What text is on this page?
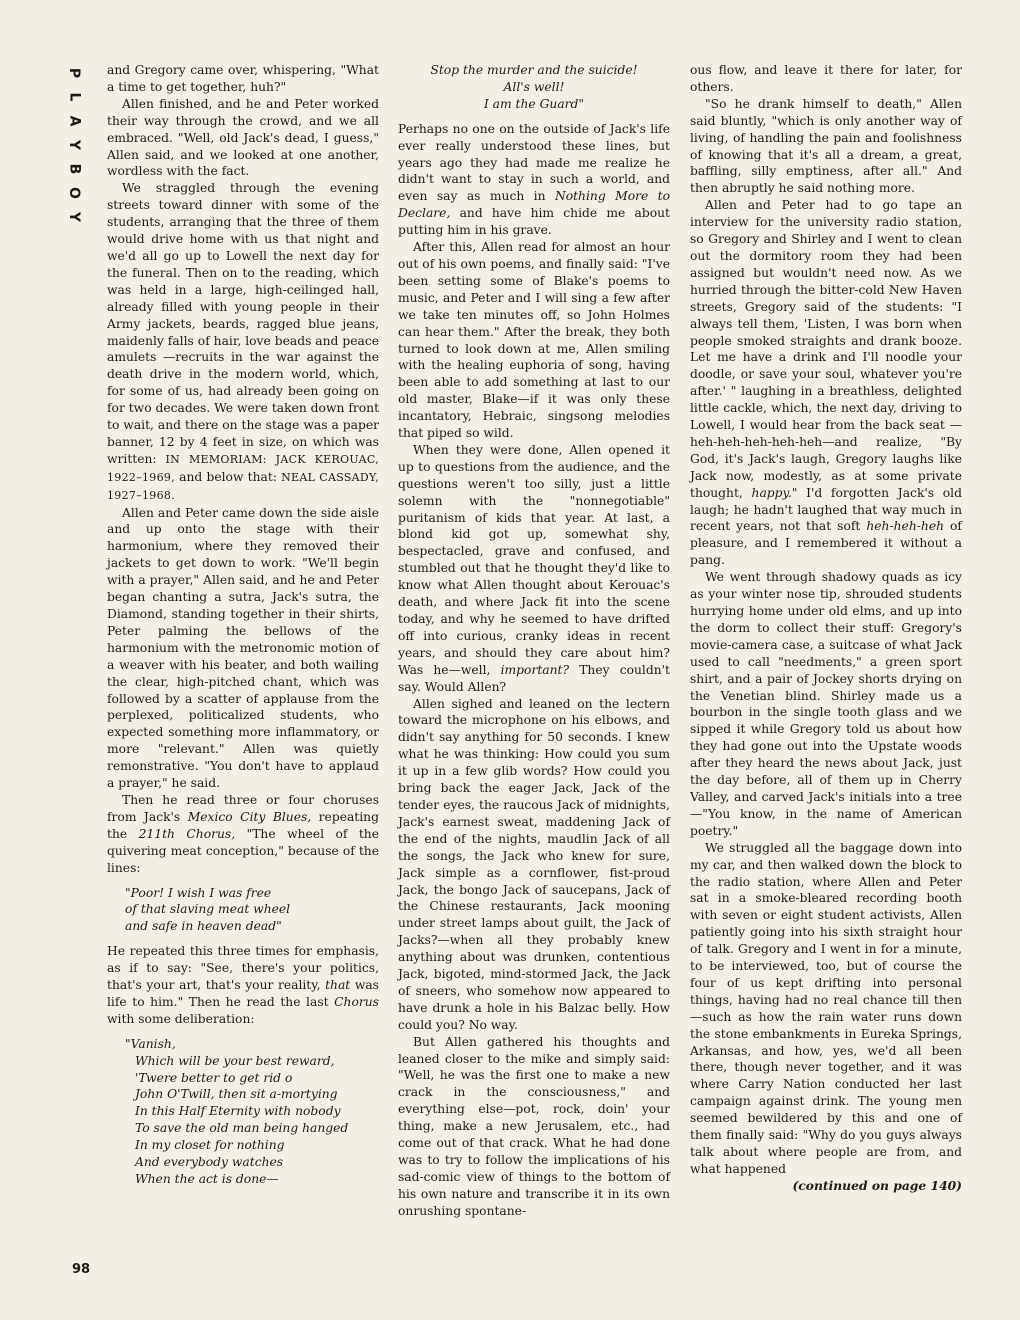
P
L
A
Y
B
O
Y
98

and Gregory came over, whispering, "What a time to get together, huh?"

Allen finished, and he and Peter worked their way through the crowd, and we all embraced. "Well, old Jack's dead, I guess," Allen said, and we looked at one another, wordless with the fact.

We straggled through the evening streets toward dinner with some of the students, arranging that the three of them would drive home with us that night and we'd all go up to Lowell the next day for the funeral. Then on to the reading, which was held in a large, high-ceilinged hall, already filled with young people in their Army jackets, beards, ragged blue jeans, maidenly falls of hair, love beads and peace amulets —recruits in the war against the death drive in the modern world, which, for some of us, had already been going on for two decades. We were taken down front to wait, and there on the stage was a paper banner, 12 by 4 feet in size, on which was written: IN MEMORIAM: JACK KEROUAC, 1922–1969, and below that: NEAL CASSADY, 1927–1968.

Allen and Peter came down the side aisle and up onto the stage with their harmonium, where they removed their jackets to get down to work. "We'll begin with a prayer," Allen said, and he and Peter began chanting a sutra, Jack's sutra, the Diamond, standing together in their shirts, Peter palming the bellows of the harmonium with the metronomic motion of a weaver with his beater, and both wailing the clear, high-pitched chant, which was followed by a scatter of applause from the perplexed, politicalized students, who expected something more inflammatory, or more "relevant." Allen was quietly remonstrative. "You don't have to applaud a prayer," he said.

Then he read three or four choruses from Jack's Mexico City Blues, repeating the 211th Chorus, "The wheel of the quivering meat conception," because of the lines:

"Poor! I wish I was free
of that slaving meat wheel
and safe in heaven dead"

He repeated this three times for emphasis, as if to say: "See, there's your politics, that's your art, that's your reality, that was life to him." Then he read the last Chorus with some deliberation:

"Vanish,
Which will be your best reward,
'Twere better to get rid o
John O'Twill, then sit a-mortying
In this Half Eternity with nobody
To save the old man being hanged
In my closet for nothing
And everybody watches
When the act is done—
Stop the murder and the suicide!
All's well!
I am the Guard"

Perhaps no one on the outside of Jack's life ever really understood these lines, but years ago they had made me realize he didn't want to stay in such a world, and even say as much in Nothing More to Declare, and have him chide me about putting him in his grave.

After this, Allen read for almost an hour out of his own poems, and finally said: "I've been setting some of Blake's poems to music, and Peter and I will sing a few after we take ten minutes off, so John Holmes can hear them." After the break, they both turned to look down at me, Allen smiling with the healing euphoria of song, having been able to add something at last to our old master, Blake—if it was only these incantatory, Hebraic, singsong melodies that piped so wild.

When they were done, Allen opened it up to questions from the audience, and the questions weren't too silly, just a little solemn with the "nonnegotiable" puritanism of kids that year. At last, a blond kid got up, somewhat shy, bespectacled, grave and confused, and stumbled out that he thought they'd like to know what Allen thought about Kerouac's death, and where Jack fit into the scene today, and why he seemed to have drifted off into curious, cranky ideas in recent years, and should they care about him? Was he—well, important? They couldn't say. Would Allen?

Allen sighed and leaned on the lectern toward the microphone on his elbows, and didn't say anything for 50 seconds. I knew what he was thinking: How could you sum it up in a few glib words? How could you bring back the eager Jack, Jack of the tender eyes, the raucous Jack of midnights, Jack's earnest sweat, maddening Jack of the end of the nights, maudlin Jack of all the songs, the Jack who knew for sure, Jack simple as a cornflower, fist-proud Jack, the bongo Jack of saucepans, Jack of the Chinese restaurants, Jack mooning under street lamps about guilt, the Jack of Jacks?—when all they probably knew anything about was drunken, contentious Jack, bigoted, mind-stormed Jack, the Jack of sneers, who somehow now appeared to have drunk a hole in his Balzac belly. How could you? No way.

But Allen gathered his thoughts and leaned closer to the mike and simply said: "Well, he was the first one to make a new crack in the consciousness," and everything else—pot, rock, doin' your thing, make a new Jerusalem, etc., had come out of that crack. What he had done was to try to follow the implications of his sad-comic view of things to the bottom of his own nature and transcribe it in its own onrushing spontane-

ous flow, and leave it there for later, for others.

"So he drank himself to death," Allen said bluntly, "which is only another way of living, of handling the pain and foolishness of knowing that it's all a dream, a great, baffling, silly emptiness, after all." And then abruptly he said nothing more.

Allen and Peter had to go tape an interview for the university radio station, so Gregory and Shirley and I went to clean out the dormitory room they had been assigned but wouldn't need now. As we hurried through the bitter-cold New Haven streets, Gregory said of the students: "I always tell them, 'Listen, I was born when people smoked straights and drank booze. Let me have a drink and I'll noodle your doodle, or save your soul, whatever you're after.' " laughing in a breathless, delighted little cackle, which, the next day, driving to Lowell, I would hear from the back seat —heh-heh-heh-heh-heh—and realize, "By God, it's Jack's laugh, Gregory laughs like Jack now, modestly, as at some private thought, happy." I'd forgotten Jack's old laugh; he hadn't laughed that way much in recent years, not that soft heh-heh-heh of pleasure, and I remembered it without a pang.

We went through shadowy quads as icy as your winter nose tip, shrouded students hurrying home under old elms, and up into the dorm to collect their stuff: Gregory's movie-camera case, a suitcase of what Jack used to call "needments," a green sport shirt, and a pair of Jockey shorts drying on the Venetian blind. Shirley made us a bourbon in the single tooth glass and we sipped it while Gregory told us about how they had gone out into the Upstate woods after they heard the news about Jack, just the day before, all of them up in Cherry Valley, and carved Jack's initials into a tree—"You know, in the name of American poetry."

We struggled all the baggage down into my car, and then walked down the block to the radio station, where Allen and Peter sat in a smoke-bleared recording booth with seven or eight student activists, Allen patiently going into his sixth straight hour of talk. Gregory and I went in for a minute, to be interviewed, too, but of course the four of us kept drifting into personal things, having had no real chance till then—such as how the rain water runs down the stone embankments in Eureka Springs, Arkansas, and how, yes, we'd all been there, though never together, and it was where Carry Nation conducted her last campaign against drink. The young men seemed bewildered by this and one of them finally said: "Why do you guys always talk about where people are from, and what happened

(continued on page 140)
